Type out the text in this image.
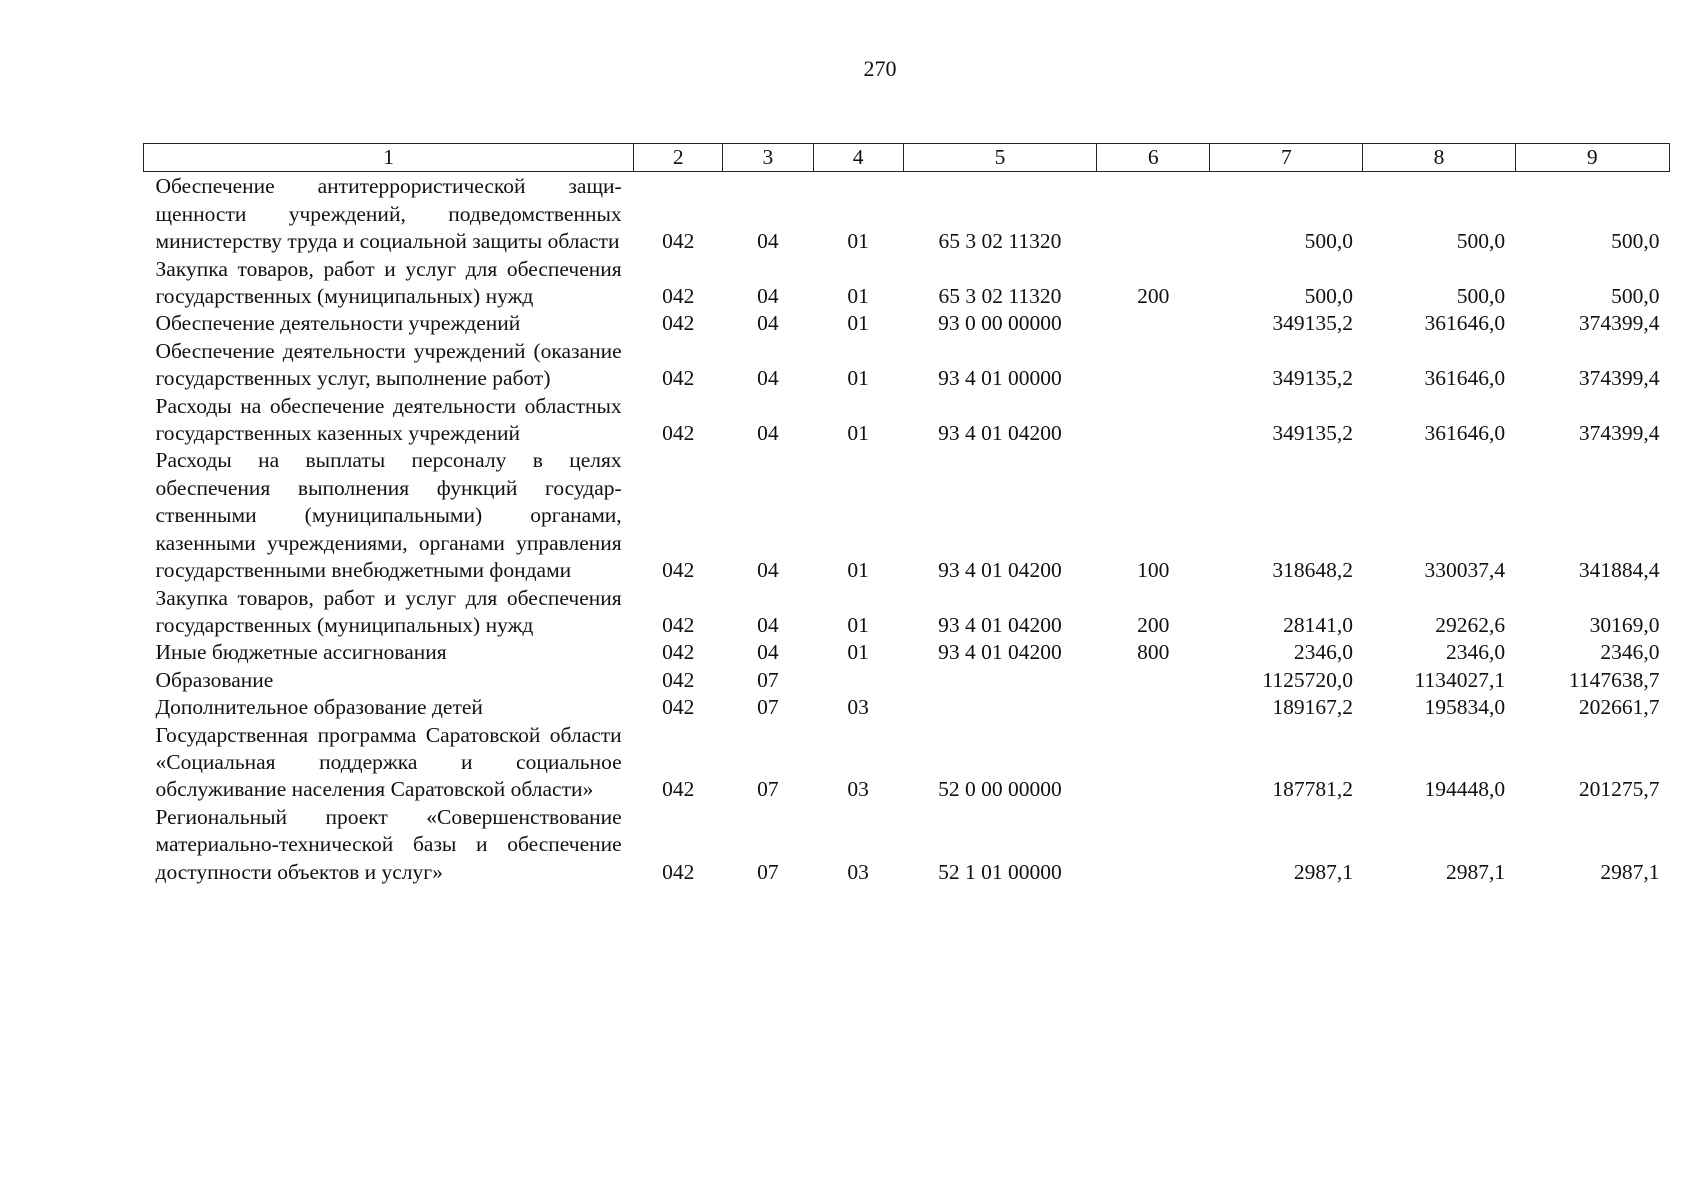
270
1	2	3	4	5	6	7	8	9
Обеспечение антитеррористической защищенности учреждений, подведомственных министерству труда и социальной защиты области	042	04	01	65 3 02 11320		500,0	500,0	500,0
Закупка товаров, работ и услуг для обеспечения государственных (муниципальных) нужд	042	04	01	65 3 02 11320	200	500,0	500,0	500,0
Обеспечение деятельности учреждений	042	04	01	93 0 00 00000		349135,2	361646,0	374399,4
Обеспечение деятельности учреждений (оказание государственных услуг, выполнение работ)	042	04	01	93 4 01 00000		349135,2	361646,0	374399,4
Расходы на обеспечение деятельности областных государственных казенных учреждений	042	04	01	93 4 01 04200		349135,2	361646,0	374399,4
Расходы на выплаты персоналу в целях обеспечения выполнения функций государственными (муниципальными) органами, казенными учреждениями, органами управления государственными внебюджетными фондами	042	04	01	93 4 01 04200	100	318648,2	330037,4	341884,4
Закупка товаров, работ и услуг для обеспечения государственных (муниципальных) нужд	042	04	01	93 4 01 04200	200	28141,0	29262,6	30169,0
Иные бюджетные ассигнования	042	04	01	93 4 01 04200	800	2346,0	2346,0	2346,0
Образование	042	07				1125720,0	1134027,1	1147638,7
Дополнительное образование детей	042	07	03			189167,2	195834,0	202661,7
Государственная программа Саратовской области «Социальная поддержка и социальное обслуживание населения Саратовской области»	042	07	03	52 0 00 00000		187781,2	194448,0	201275,7
Региональный проект «Совершенствование материально-технической базы и обеспечение доступности объектов и услуг»	042	07	03	52 1 01 00000		2987,1	2987,1	2987,1
